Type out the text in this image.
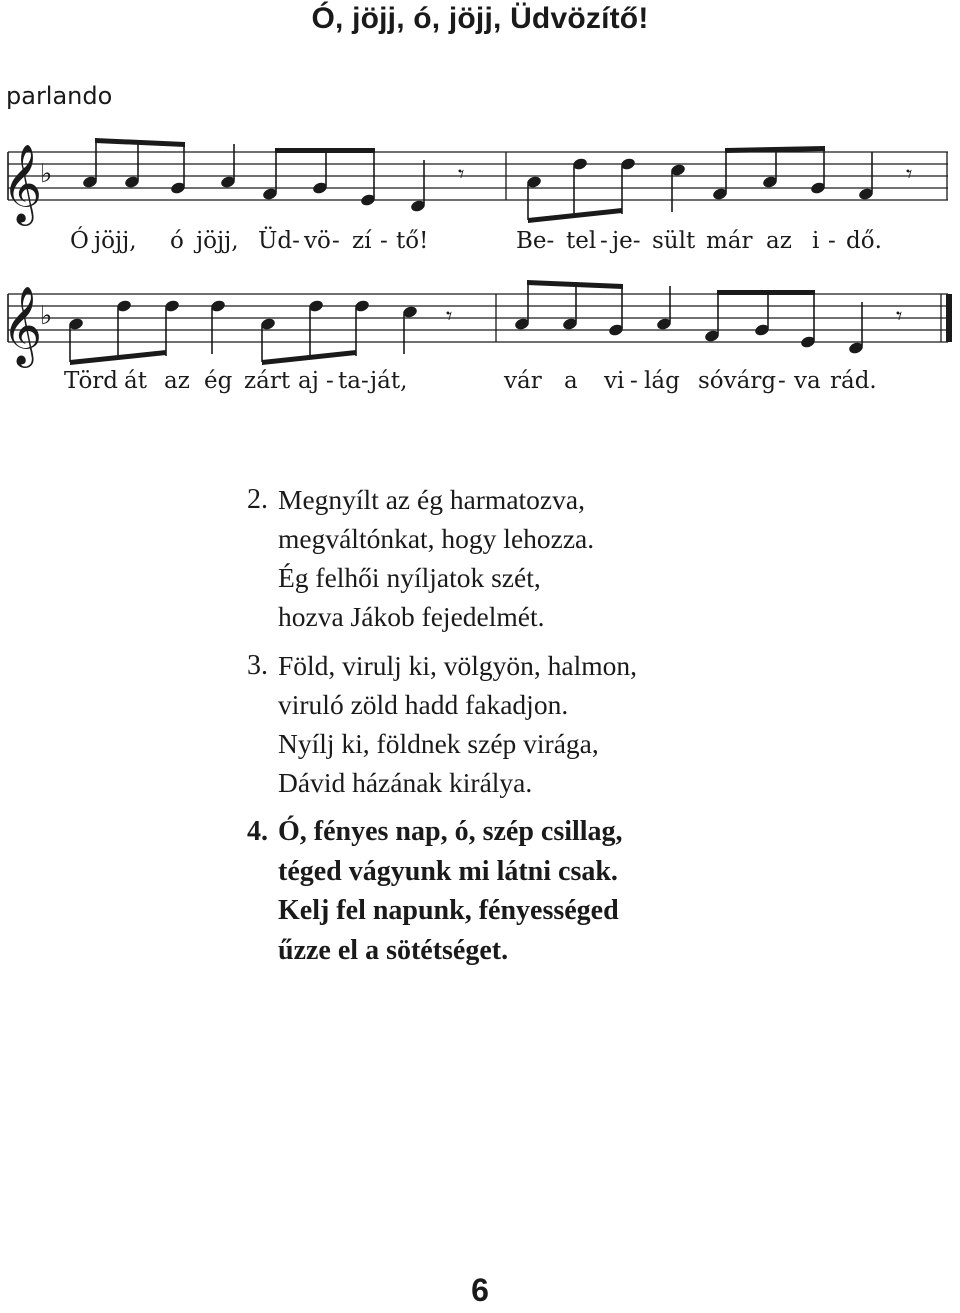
Ó, jöjj, ó, jöjj, Üdvözítő!
parlando
𝄞
♭	𝄾	𝄾
Ó jöjj, ó jöjj, Üd- vö - zí - tő!	Be- tel - je- sült már az i - dő.
𝄞
♭	𝄾	𝄾
Törd át az ég zárt aj - ta- ját,	vár a vi - lág sóvárg - va rád.
2. Megnyílt az ég harmatozva,
megváltónkat, hogy lehozza.
Ég felhői nyíljatok szét,
hozva Jákob fejedelmét.
3. Föld, virulj ki, völgyön, halmon,
viruló zöld hadd fakadjon.
Nyílj ki, földnek szép virága,
Dávid házának királya.
4. Ó, fényes nap, ó, szép csillag,
téged vágyunk mi látni csak.
Kelj fel napunk, fényességed
űzze el a sötétséget.
6
